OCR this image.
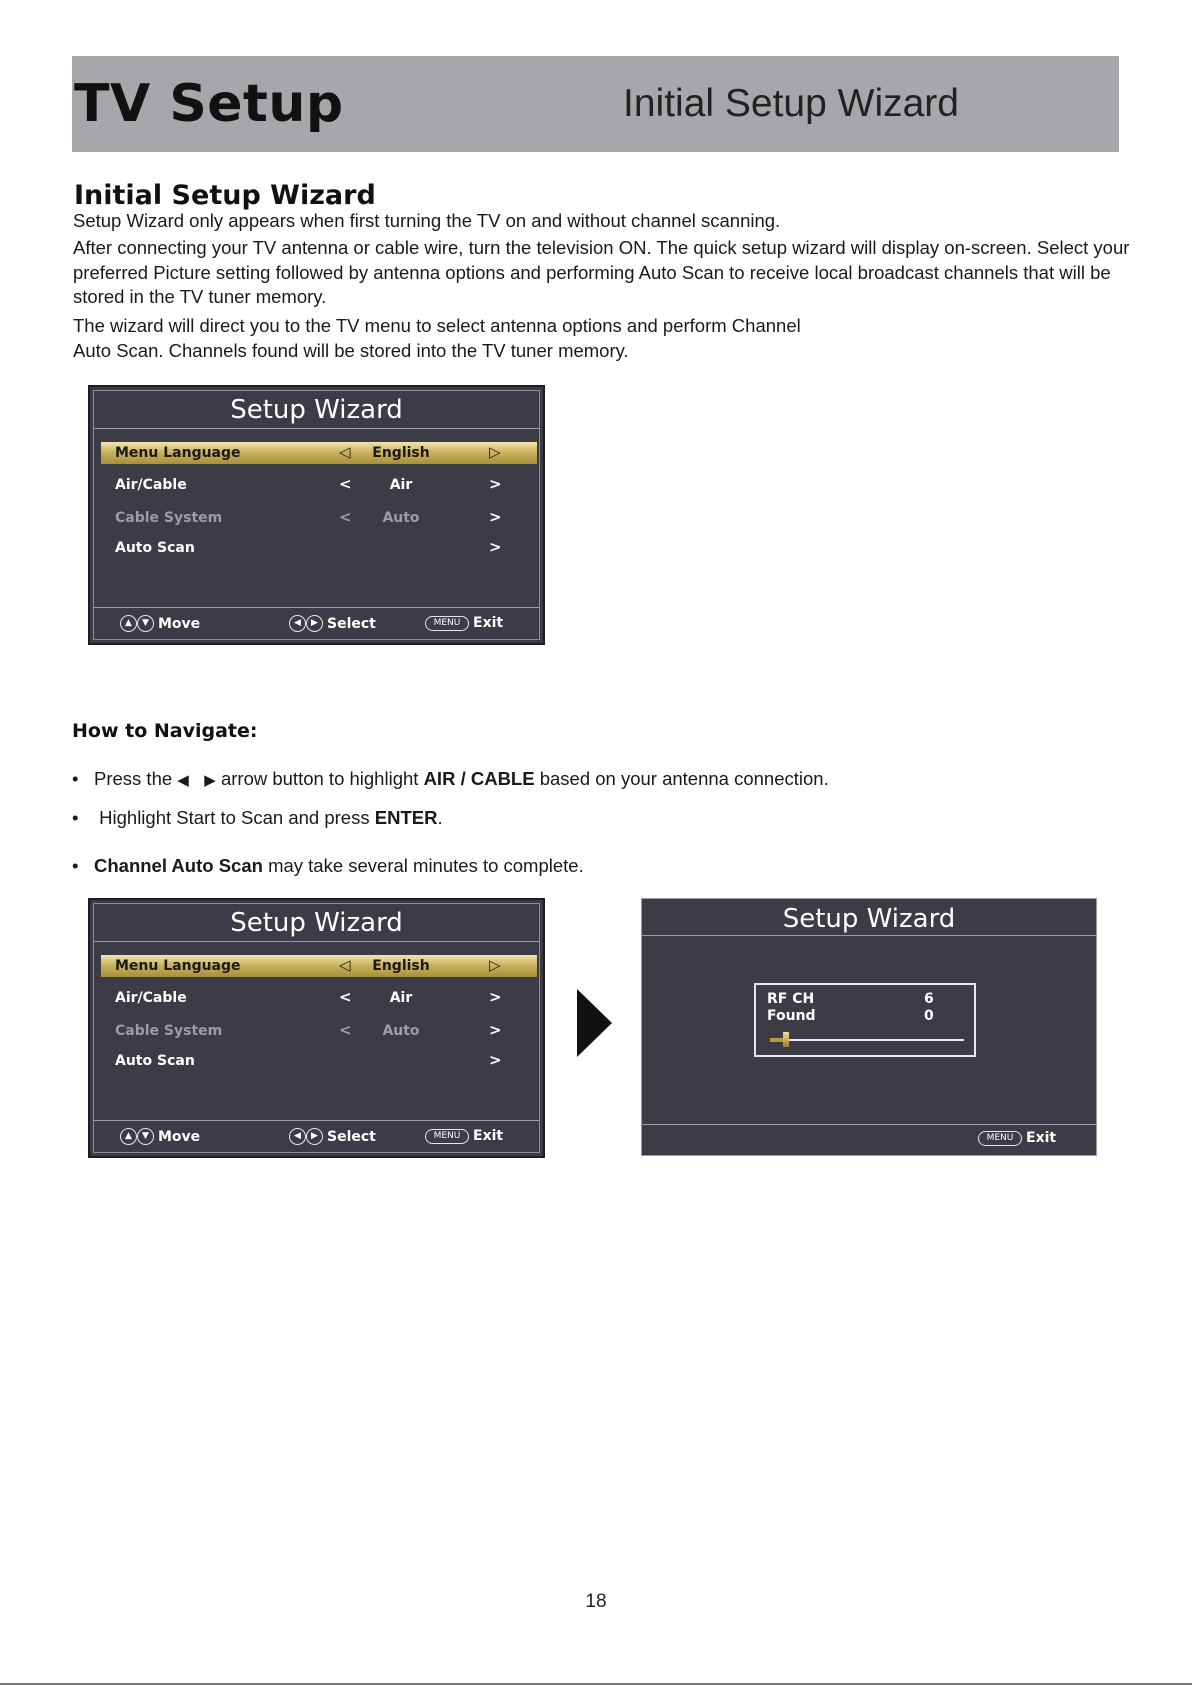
TV Setup	Initial Setup Wizard
Initial Setup Wizard
Setup Wizard only appears when first turning the TV on and without channel scanning.
After connecting your TV antenna or cable wire, turn the television ON. The quick setup wizard will display on-screen. Select your preferred Picture setting followed by antenna options and performing Auto Scan to receive local broadcast channels that will be stored in the TV tuner memory.
The wizard will direct you to the TV menu to select antenna options and perform Channel Auto Scan. Channels found will be stored into the TV tuner memory.
Setup Wizard
Menu Language	◁	English	▷
Air/Cable	<	Air	>
Cable System	<	Auto	>
Auto Scan	>
▲ ▼ Move	◀ ▶ Select	MENU Exit
How to Navigate:
• Press the ◀ ▶ arrow button to highlight AIR / CABLE based on your antenna connection.
• Highlight Start to Scan and press ENTER.
• Channel Auto Scan may take several minutes to complete.
Setup Wizard
Menu Language	◁	English	▷
Air/Cable	<	Air	>
Cable System	<	Auto	>
Auto Scan	>
▲ ▼ Move	◀ ▶ Select	MENU Exit
Setup Wizard
RF CH	6
Found	0
MENU Exit
18
